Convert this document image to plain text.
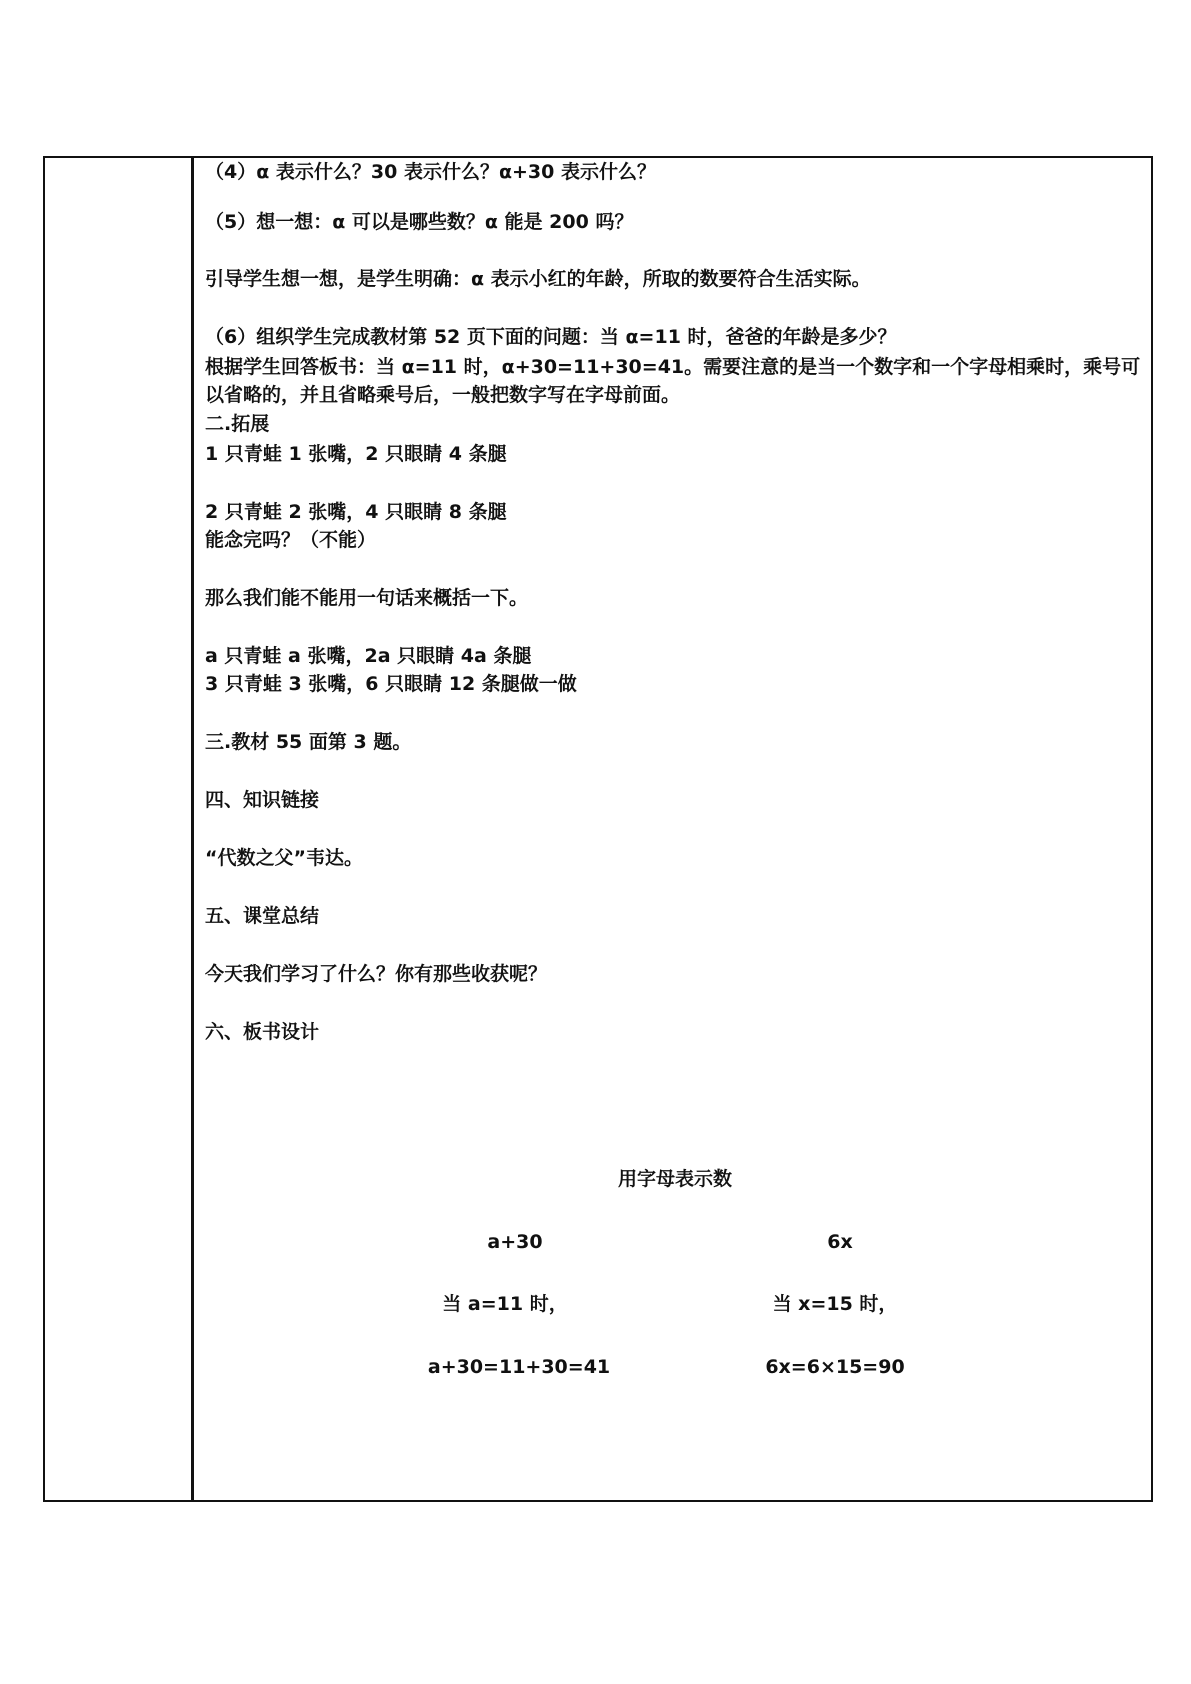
（4）α 表示什么？30 表示什么？α+30 表示什么？
（5）想一想：α 可以是哪些数？α 能是 200 吗？
引导学生想一想，是学生明确：α 表示小红的年龄，所取的数要符合生活实际。
（6）组织学生完成教材第 52 页下面的问题：当 α=11 时，爸爸的年龄是多少？
根据学生回答板书：当 α=11 时，α+30=11+30=41。需要注意的是当一个数字和一个字母相乘时，乘号可以省略的，并且省略乘号后，一般把数字写在字母前面。
二.拓展
1 只青蛙 1 张嘴，2 只眼睛 4 条腿
2 只青蛙 2 张嘴，4 只眼睛 8 条腿
能念完吗？（不能）
那么我们能不能用一句话来概括一下。
a 只青蛙 a 张嘴，2a 只眼睛 4a 条腿
3 只青蛙 3 张嘴，6 只眼睛 12 条腿做一做
三.教材 55 面第 3 题。
四、知识链接
“代数之父”韦达。
五、课堂总结
今天我们学习了什么？你有那些收获呢？
六、板书设计
用字母表示数
a+30
当 a=11 时，
a+30=11+30=41
6x
当 x=15 时，
6x=6×15=90
